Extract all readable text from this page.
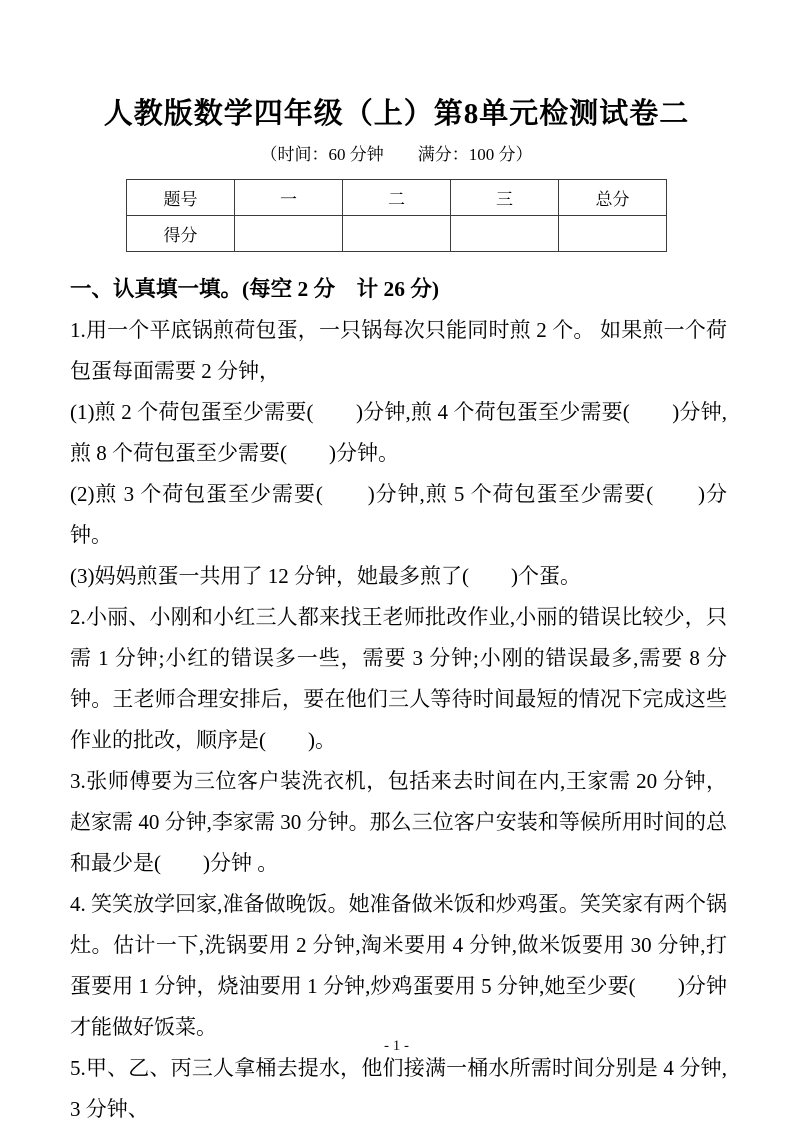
人教版数学四年级（上）第8单元检测试卷二
（时间：60 分钟　　满分：100 分）
题号	一	二	三	总分
得分				
一、认真填一填。(每空 2 分　计 26 分)

1.用一个平底锅煎荷包蛋，一只锅每次只能同时煎 2 个。 如果煎一个荷包蛋每面需要 2 分钟，

(1)煎 2 个荷包蛋至少需要(　　)分钟,煎 4 个荷包蛋至少需要(　　)分钟,煎 8 个荷包蛋至少需要(　　)分钟。

(2)煎 3 个荷包蛋至少需要(　　)分钟,煎 5 个荷包蛋至少需要(　　)分钟。

(3)妈妈煎蛋一共用了 12 分钟，她最多煎了(　　)个蛋。

2.小丽、小刚和小红三人都来找王老师批改作业,小丽的错误比较少，只需 1 分钟;小红的错误多一些，需要 3 分钟;小刚的错误最多,需要 8 分钟。王老师合理安排后，要在他们三人等待时间最短的情况下完成这些作业的批改，顺序是(　　)。

3.张师傅要为三位客户装洗衣机，包括来去时间在内,王家需 20 分钟，赵家需 40 分钟,李家需 30 分钟。那么三位客户安装和等候所用时间的总和最少是(　　)分钟 。

4. 笑笑放学回家,准备做晚饭。她准备做米饭和炒鸡蛋。笑笑家有两个锅灶。估计一下,洗锅要用 2 分钟,淘米要用 4 分钟,做米饭要用 30 分钟,打蛋要用 1 分钟，烧油要用 1 分钟,炒鸡蛋要用 5 分钟,她至少要(　　)分钟才能做好饭菜。

5.甲、乙、丙三人拿桶去提水，他们接满一桶水所需时间分别是 4 分钟,3 分钟、

- 1 -
